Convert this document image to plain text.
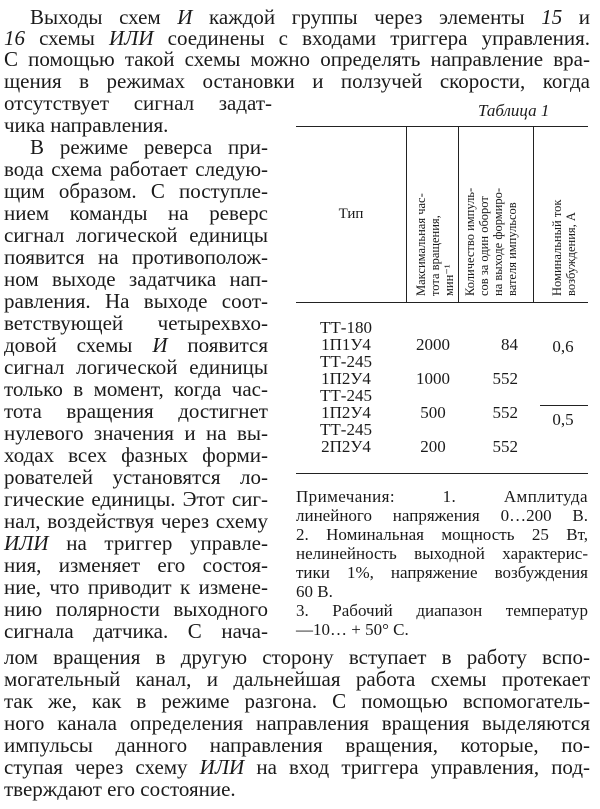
Выходы схем И каждой группы через элементы 15 и
16 схемы ИЛИ соединены с входами триггера управления.
С помощью такой схемы можно определять направление вра-
щения в режимах остановки и ползучей скорости, когда
отсутствует сигнал задат-
чика направления.
В режиме реверса при-
вода схема работает следую-
щим образом. С поступле-
нием команды на реверс
сигнал логической единицы
появится на противополож-
ном выходе задатчика нап-
равления. На выходе соот-
ветствующей четырехвхо-
довой схемы И появится
сигнал логической единицы
только в момент, когда час-
тота вращения достигнет
нулевого значения и на вы-
ходах всех фазных форми-
рователей установятся ло-
гические единицы. Этот сиг-
нал, воздействуя через схему
ИЛИ на триггер управле-
ния, изменяет его состоя-
ние, что приводит к измене-
нию полярности выходного
сигнала датчика. С нача-
лом вращения в другую сторону вступает в работу вспо-
могательный канал, и дальнейшая работа схемы протекает
так же, как в режиме разгона. С помощью вспомогатель-
ного канала определения направления вращения выделяются
импульсы данного направления вращения, которые, по-
ступая через схему ИЛИ на вход триггера управления, под-
тверждают его состояние.
Таблица 1
Тип	Максимальная час- тота вращения, мин⁻¹ Количество импуль- сов за один оборот на выходе формиро- вателя импульсов Номинальный ток возбуждения, А
ТТ-180
1П1У4
ТТ-245
1П2У4
ТТ-245
1П2У4
ТТ-245
2П2У4
2000
1000
500
200
84
552
552
552
0,6
0,5
Примечания: 1. Амплитуда
линейного напряжения 0…200 В.
2. Номинальная мощность 25 Вт,
нелинейность выходной характерис-
тики 1%, напряжение возбуждения
60 В.
3. Рабочий диапазон температур
—10… + 50° С.
